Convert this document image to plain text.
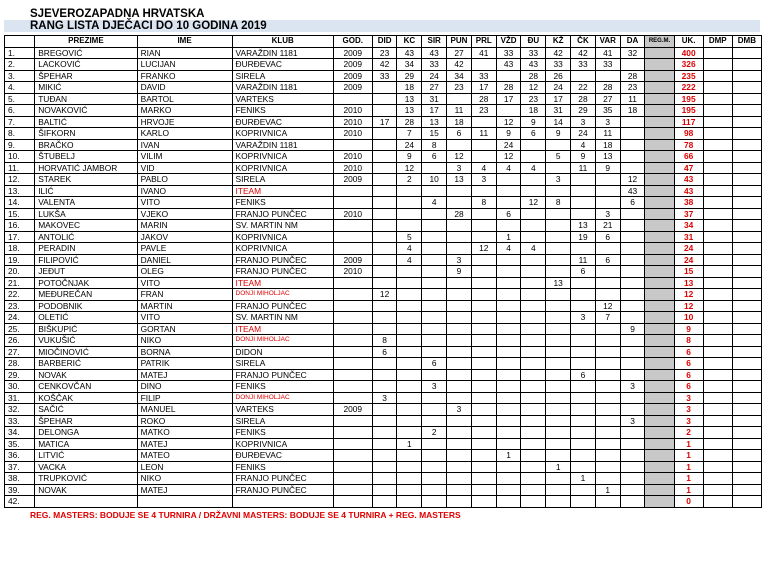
SJEVEROZAPADNA HRVATSKA
RANG LISTA DJEČACI DO 10 GODINA 2019
	PREZIME	IME	KLUB	GOD.	DID	KC	SIR	PUN	PRL	VŽD	ĐU	KŽ	ČK	VAR	DA	REG.M.	UK.	DMP	DMB
1.	BREGOVIĆ	RIAN	VARAŽDIN 1181	2009	23	43	43	27	41	33	33	42	42	41	32		400		
2.	LACKOVIĆ	LUCIJAN	ĐURĐEVAC	2009	42	34	33	42		43	43	33	33	33			326		
3.	ŠPEHAR	FRANKO	SIRELA	2009	33	29	24	34	33		28	26			28		235		
4.	MIKIĆ	DAVID	VARAŽDIN 1181	2009		18	27	23	17	28	12	24	22	28	23		222		
5.	TUĐAN	BARTOL	VARTEKS			13	31		28	17	23	17	28	27	11		195		
6.	NOVAKOVIĆ	MARKO	FENIKS	2010		13	17	11	23		18	31	29	35	18		195		
7.	BALTIĆ	HRVOJE	ĐURĐEVAC	2010	17	28	13	18		12	9	14	3	3			117		
8.	ŠIFKORN	KARLO	KOPRIVNICA	2010		7	15	6	11	9	6	9	24	11			98		
9.	BRAČKO	IVAN	VARAŽDIN 1181			24	8			24			4	18			78		
10.	ŠTUBELJ	VILIM	KOPRIVNICA	2010		9	6	12		12		5	9	13			66		
11.	HORVATIĆ JAMBOR	VID	KOPRIVNICA	2010		12		3	4	4	4		11	9			47		
12.	STAREK	PABLO	SIRELA	2009		2	10	13	3			3			12		43		
13.	ILIĆ	IVANO	ITEAM												43		43		
14.	VALENTA	VITO	FENIKS				4		8		12	8			6		38		
15.	LUKŠA	VJEKO	FRANJO PUNČEC	2010				28		6				3			37		
16.	MAKOVEC	MARIN	SV. MARTIN NM										13	21			34		
17.	ANTOLIĆ	JAKOV	KOPRIVNICA			5				1			19	6			31		
18.	PERADIN	PAVLE	KOPRIVNICA			4			12	4	4						24		
19.	FILIPOVIĆ	DANIEL	FRANJO PUNČEC	2009		4		3					11	6			24		
20.	JEĐUT	OLEG	FRANJO PUNČEC	2010				9					6				15		
21.	POTOČNJAK	VITO	ITEAM									13					13		
22.	MEĐUREČAN	FRAN	DONJI MIHOLJAC		12												12		
23.	PODOBNIK	MARTIN	FRANJO PUNČEC											12			12		
24.	OLETIĆ	VITO	SV. MARTIN NM										3	7			10		
25.	BIŠKUPIĆ	GORTAN	ITEAM												9		9		
26.	VUKUŠIĆ	NIKO	DONJI MIHOLJAC		8												8		
27.	MIOČINOVIĆ	BORNA	DIDON		6												6		
28.	BARBERIĆ	PATRIK	SIRELA				6										6		
29.	NOVAK	MATEJ	FRANJO PUNČEC										6				6		
30.	CENKOVČAN	DINO	FENIKS				3								3		6		
31.	KOŠČAK	FILIP	DONJI MIHOLJAC		3												3		
32.	SAČIĆ	MANUEL	VARTEKS	2009				3									3		
33.	ŠPEHAR	ROKO	SIRELA												3		3		
34.	DELONGA	MATKO	FENIKS				2										2		
35.	MATICA	MATEJ	KOPRIVNICA			1											1		
36.	LITVIĆ	MATEO	ĐURĐEVAC							1							1		
37.	VACKA	LEON	FENIKS									1					1		
38.	TRUPKOVIĆ	NIKO	FRANJO PUNČEC										1				1		
39.	NOVAK	MATEJ	FRANJO PUNČEC											1			1		
42.																	0		
REG. MASTERS: BODUJE SE 4 TURNIRA / DRŽAVNI MASTERS: BODUJE SE 4 TURNIRA + REG. MASTERS
